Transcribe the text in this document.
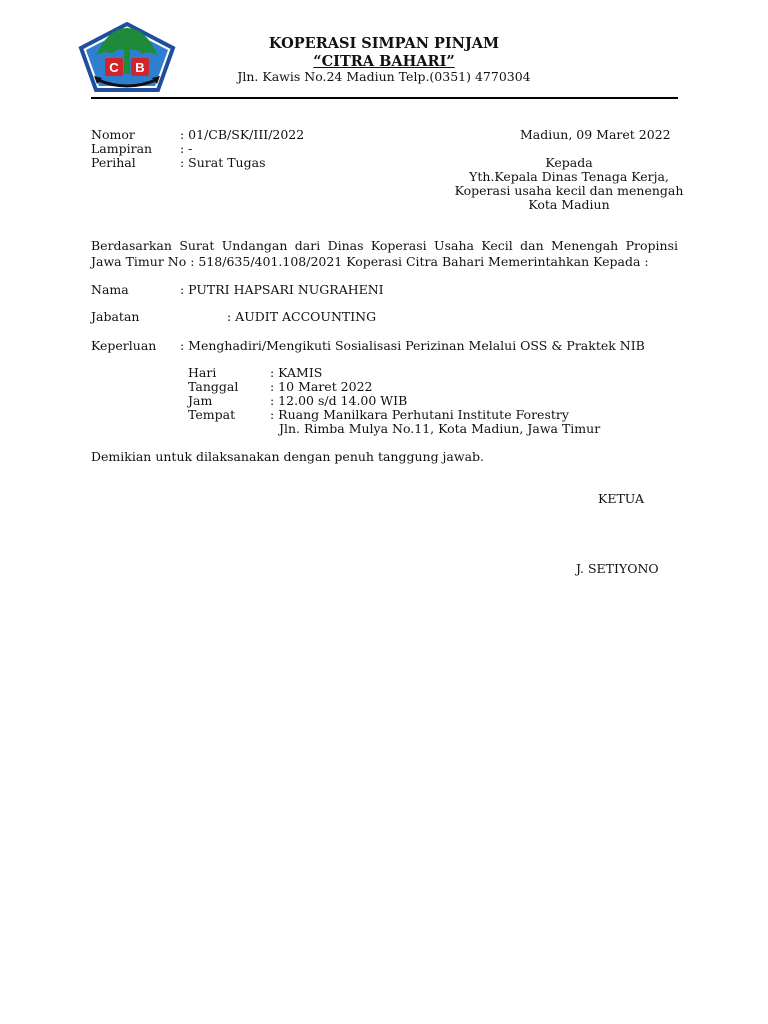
C B
KOPERASI SIMPAN PINJAM
“CITRA BAHARI”
Jln. Kawis No.24 Madiun Telp.(0351) 4770304
Nomor	: 01/CB/SK/III/2022
Lampiran : -
Perihal	: Surat Tugas
Madiun, 09 Maret 2022
Kepada
Yth.Kepala Dinas Tenaga Kerja,
Koperasi usaha kecil dan menengah
Kota Madiun
Berdasarkan Surat Undangan dari Dinas Koperasi Usaha Kecil dan Menengah Propinsi Jawa Timur No : 518/635/401.108/2021 Koperasi Citra Bahari Memerintahkan Kepada :
Nama	: PUTRI HAPSARI NUGRAHENI
Jabatan	: AUDIT ACCOUNTING
Keperluan : Menghadiri/Mengikuti Sosialisasi Perizinan Melalui OSS & Praktek NIB
Hari	: KAMIS
Tanggal	: 10 Maret 2022
Jam	: 12.00 s/d 14.00 WIB
Tempat	: Ruang Manilkara Perhutani Institute Forestry
Jln. Rimba Mulya No.11, Kota Madiun, Jawa Timur
Demikian untuk dilaksanakan dengan penuh tanggung jawab.
KETUA
J. SETIYONO
